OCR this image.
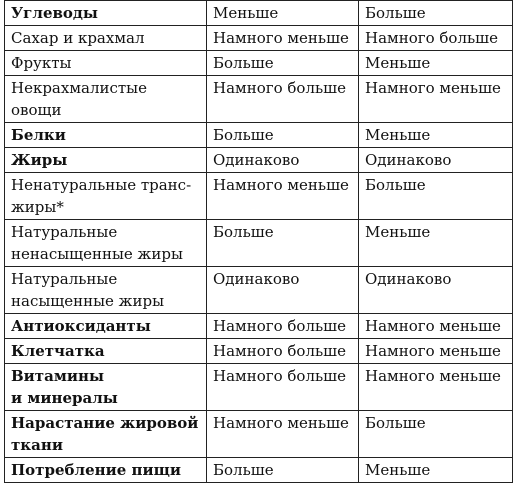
Углеводы	Меньше	Больше
Сахар и крахмал	Намного меньше	Намного больше
Фрукты	Больше	Меньше
Некрахмалистые овощи	Намного больше	Намного меньше
Белки	Больше	Меньше
Жиры	Одинаково	Одинаково
Ненатуральные транс-
жиры*	Намного меньше	Больше
Натуральные
ненасыщенные жиры	Больше	Меньше
Натуральные
насыщенные жиры	Одинаково	Одинаково
Антиоксиданты	Намного больше	Намного меньше
Клетчатка	Намного больше	Намного меньше
Витамины
и минералы	Намного больше	Намного меньше
Нарастание жировой
ткани	Намного меньше	Больше
Потребление пищи	Больше	Меньше
